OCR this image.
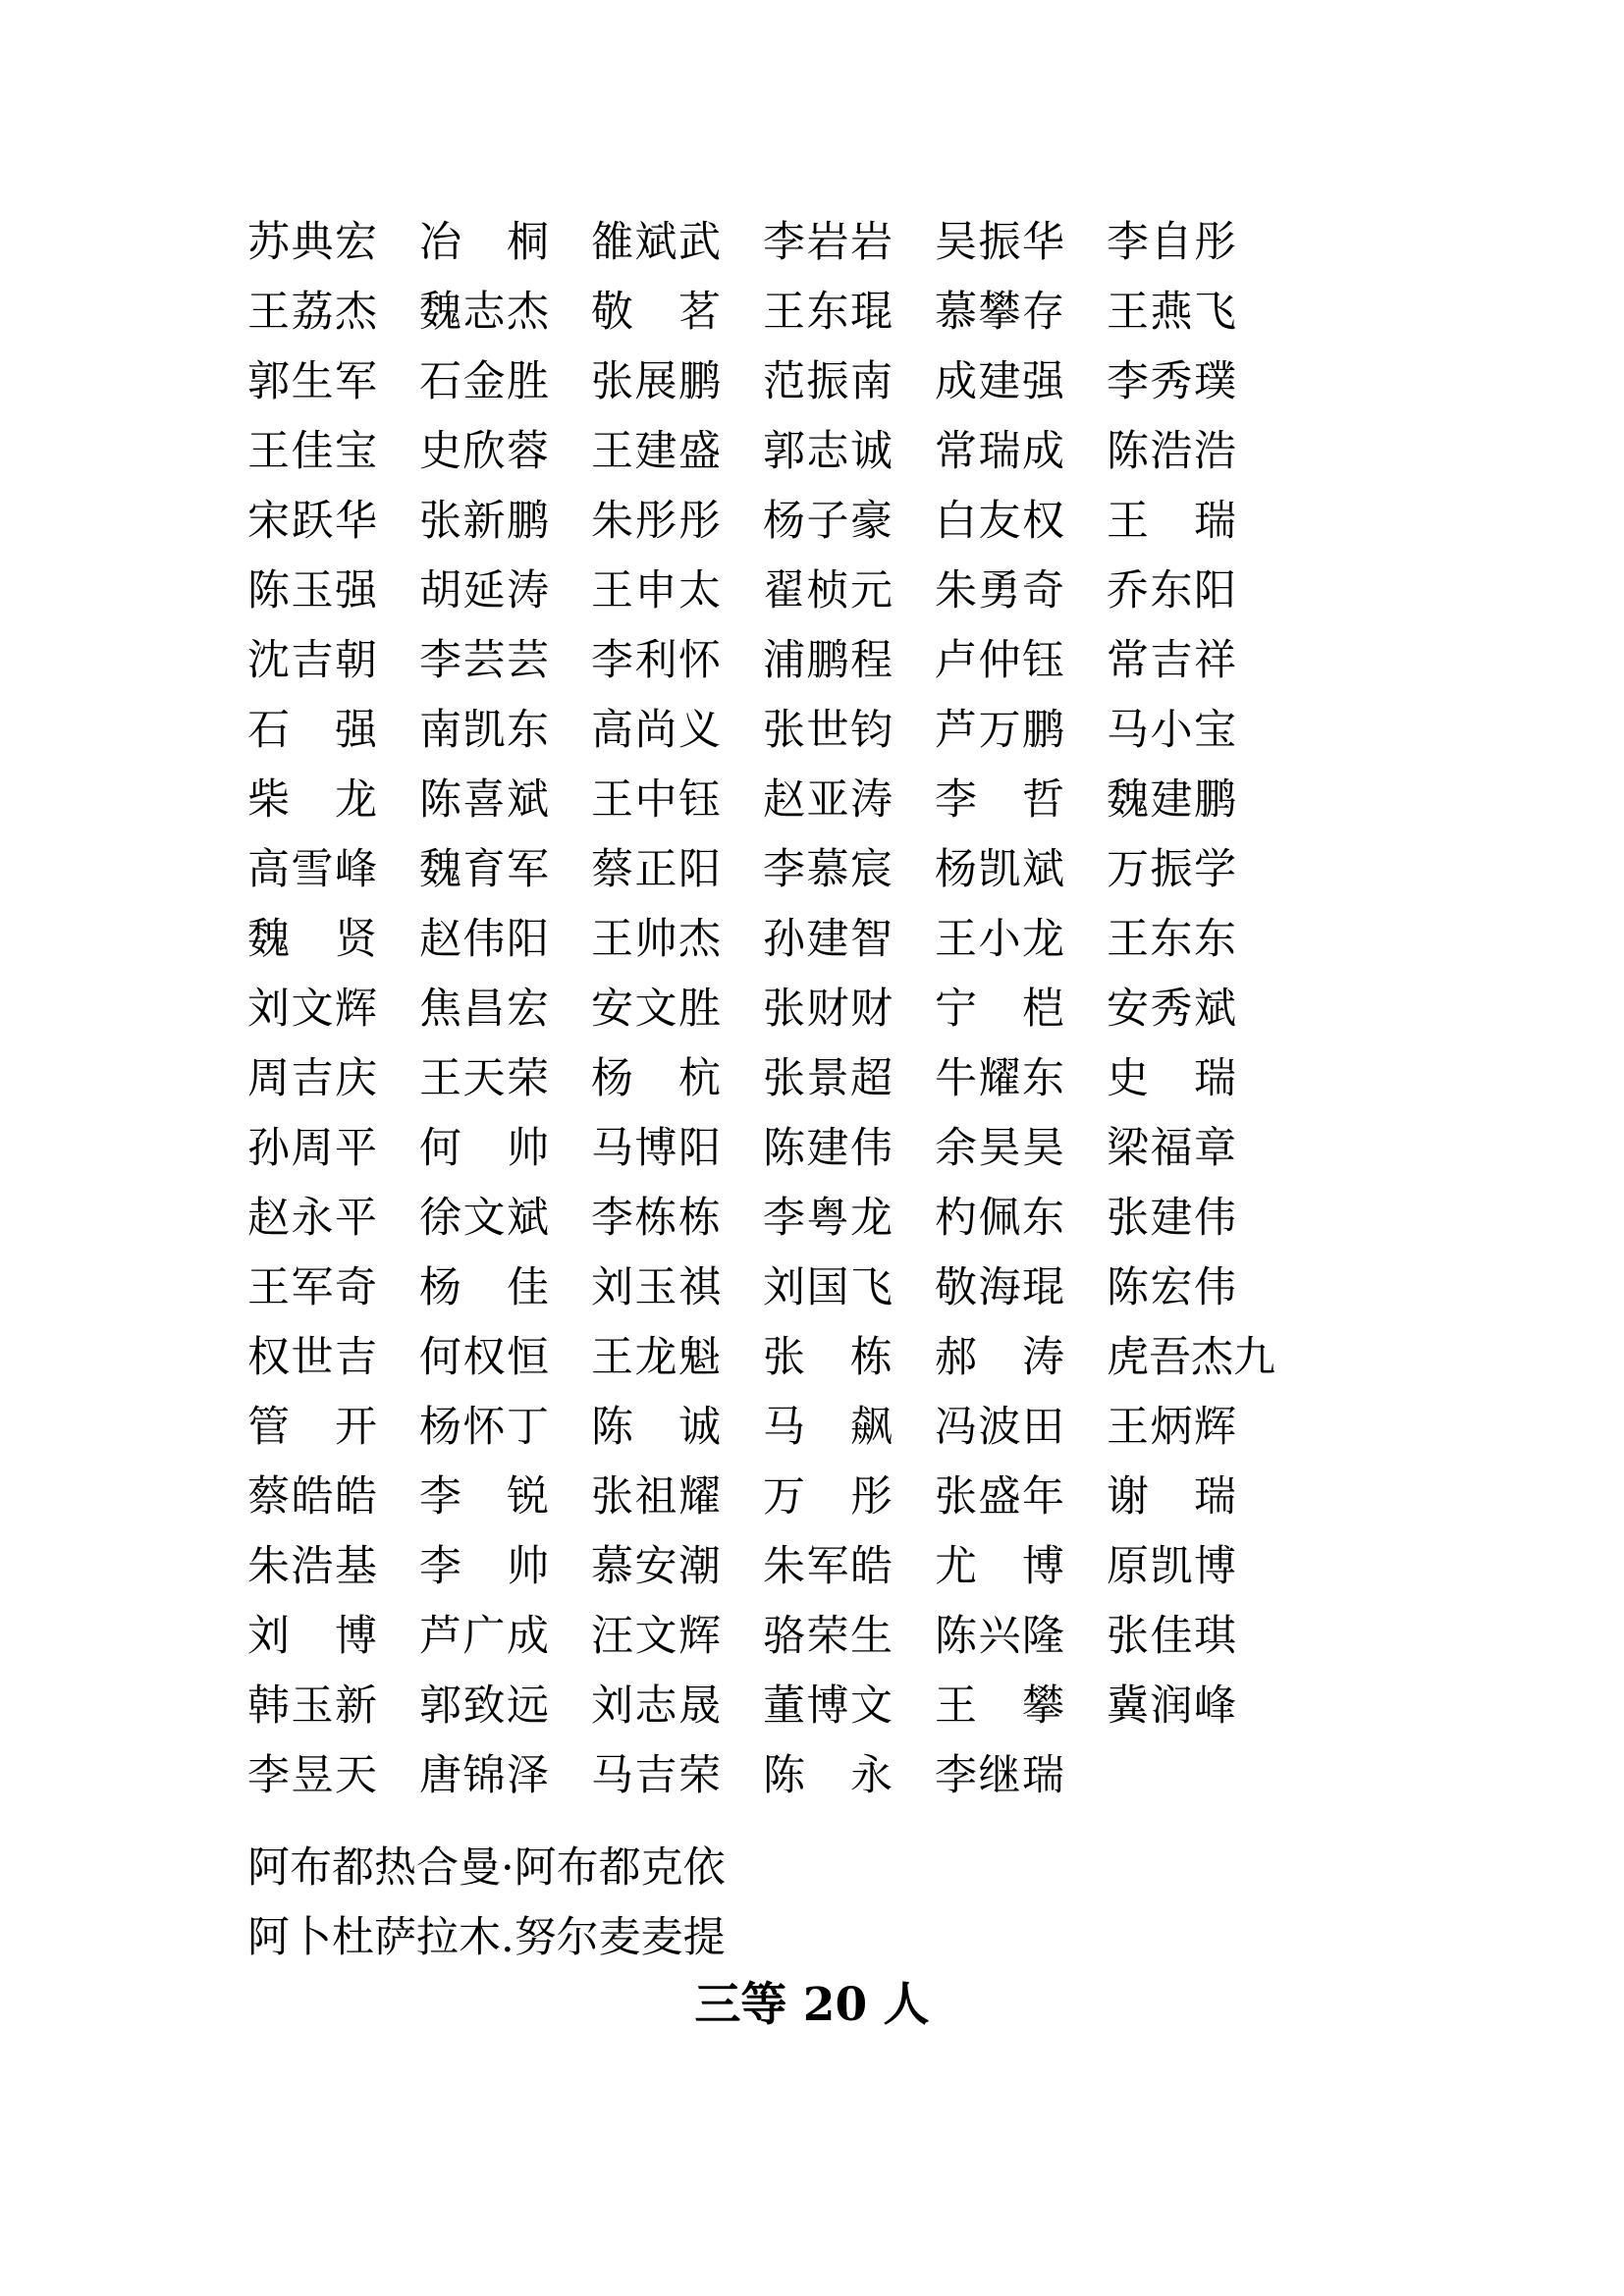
苏典宏 冶桐 雒斌武 李岩岩 吴振华 李自彤
王荔杰 魏志杰 敬茗 王东琨 慕攀存 王燕飞
郭生军 石金胜 张展鹏 范振南 成建强 李秀璞
王佳宝 史欣蓉 王建盛 郭志诚 常瑞成 陈浩浩
宋跃华 张新鹏 朱彤彤 杨子豪 白友权 王瑞
陈玉强 胡延涛 王申太 翟桢元 朱勇奇 乔东阳
沈吉朝 李芸芸 李利怀 浦鹏程 卢仲钰 常吉祥
石强 南凯东 高尚义 张世钧 芦万鹏 马小宝
柴龙 陈喜斌 王中钰 赵亚涛 李哲 魏建鹏
高雪峰 魏育军 蔡正阳 李慕宸 杨凯斌 万振学
魏贤 赵伟阳 王帅杰 孙建智 王小龙 王东东
刘文辉 焦昌宏 安文胜 张财财 宁桤 安秀斌
周吉庆 王天荣 杨杭 张景超 牛耀东 史瑞
孙周平 何帅 马博阳 陈建伟 余昊昊 梁福章
赵永平 徐文斌 李栋栋 李粤龙 杓佩东 张建伟
王军奇 杨佳 刘玉祺 刘国飞 敬海琨 陈宏伟
权世吉 何权恒 王龙魁 张栋 郝涛 虎吾杰九
管开 杨怀丁 陈诚 马飙 冯波田 王炳辉
蔡皓皓 李锐 张祖耀 万彤 张盛年 谢瑞
朱浩基 李帅 慕安潮 朱军皓 尤博 原凯博
刘博 芦广成 汪文辉 骆荣生 陈兴隆 张佳琪
韩玉新 郭致远 刘志晟 董博文 王攀 冀润峰
李昱天 唐锦泽 马吉荣 陈永 李继瑞
阿布都热合曼·阿布都克依
阿卜杜萨拉木.努尔麦麦提
三等 20 人
